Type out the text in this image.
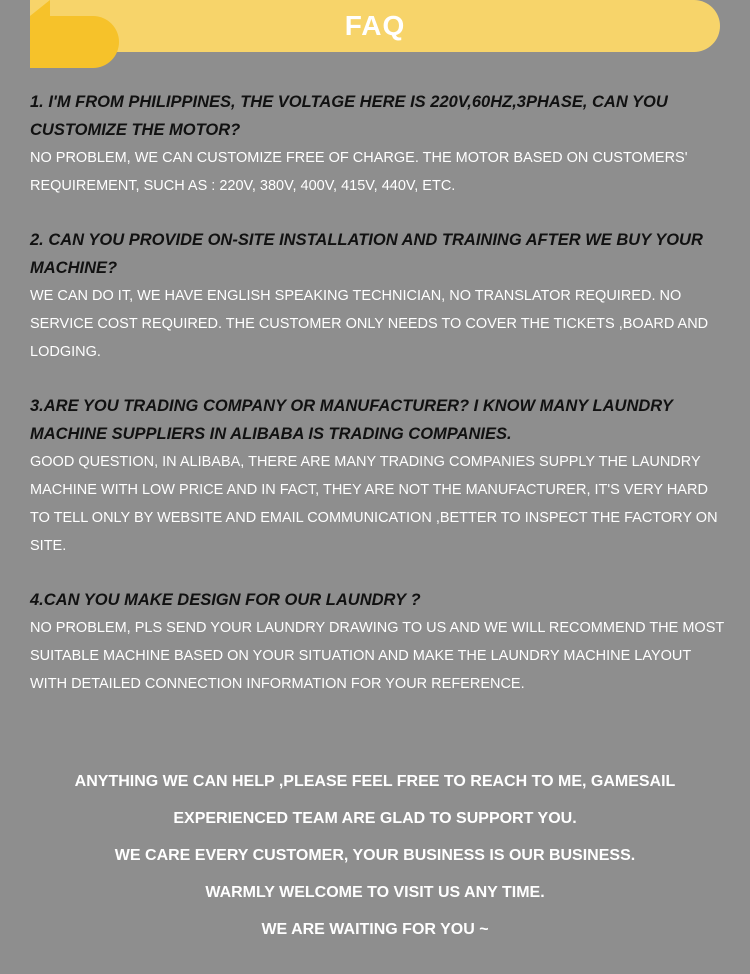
FAQ

1. I'M FROM PHILIPPINES, THE VOLTAGE HERE IS 220V,60HZ,3PHASE, CAN YOU CUSTOMIZE THE MOTOR?

NO PROBLEM, WE CAN CUSTOMIZE FREE OF CHARGE. THE MOTOR BASED ON CUSTOMERS' REQUIREMENT, SUCH AS : 220V, 380V, 400V, 415V, 440V, ETC.

2. CAN YOU PROVIDE ON-SITE INSTALLATION AND TRAINING AFTER WE BUY YOUR MACHINE?

WE CAN DO IT, WE HAVE ENGLISH SPEAKING TECHNICIAN, NO TRANSLATOR REQUIRED. NO SERVICE COST REQUIRED. THE CUSTOMER ONLY NEEDS TO COVER THE TICKETS ,BOARD AND LODGING.

3.ARE YOU TRADING COMPANY OR MANUFACTURER? I KNOW MANY LAUNDRY MACHINE SUPPLIERS IN ALIBABA IS TRADING COMPANIES.

GOOD QUESTION, IN ALIBABA, THERE ARE MANY TRADING COMPANIES SUPPLY THE LAUNDRY MACHINE WITH LOW PRICE AND IN FACT, THEY ARE NOT THE MANUFACTURER, IT'S VERY HARD TO TELL ONLY BY WEBSITE AND EMAIL COMMUNICATION ,BETTER TO INSPECT THE FACTORY ON SITE.

4.CAN YOU MAKE DESIGN FOR OUR LAUNDRY ?

NO PROBLEM, PLS SEND YOUR LAUNDRY DRAWING TO US AND WE WILL RECOMMEND THE MOST SUITABLE MACHINE BASED ON YOUR SITUATION AND MAKE THE LAUNDRY MACHINE LAYOUT WITH DETAILED CONNECTION INFORMATION FOR YOUR REFERENCE.

ANYTHING WE CAN HELP ,PLEASE FEEL FREE TO REACH TO ME, GAMESAIL
EXPERIENCED TEAM ARE GLAD TO SUPPORT YOU.
WE CARE EVERY CUSTOMER, YOUR BUSINESS IS OUR BUSINESS.
WARMLY WELCOME TO VISIT US ANY TIME.
WE ARE WAITING FOR YOU ~
